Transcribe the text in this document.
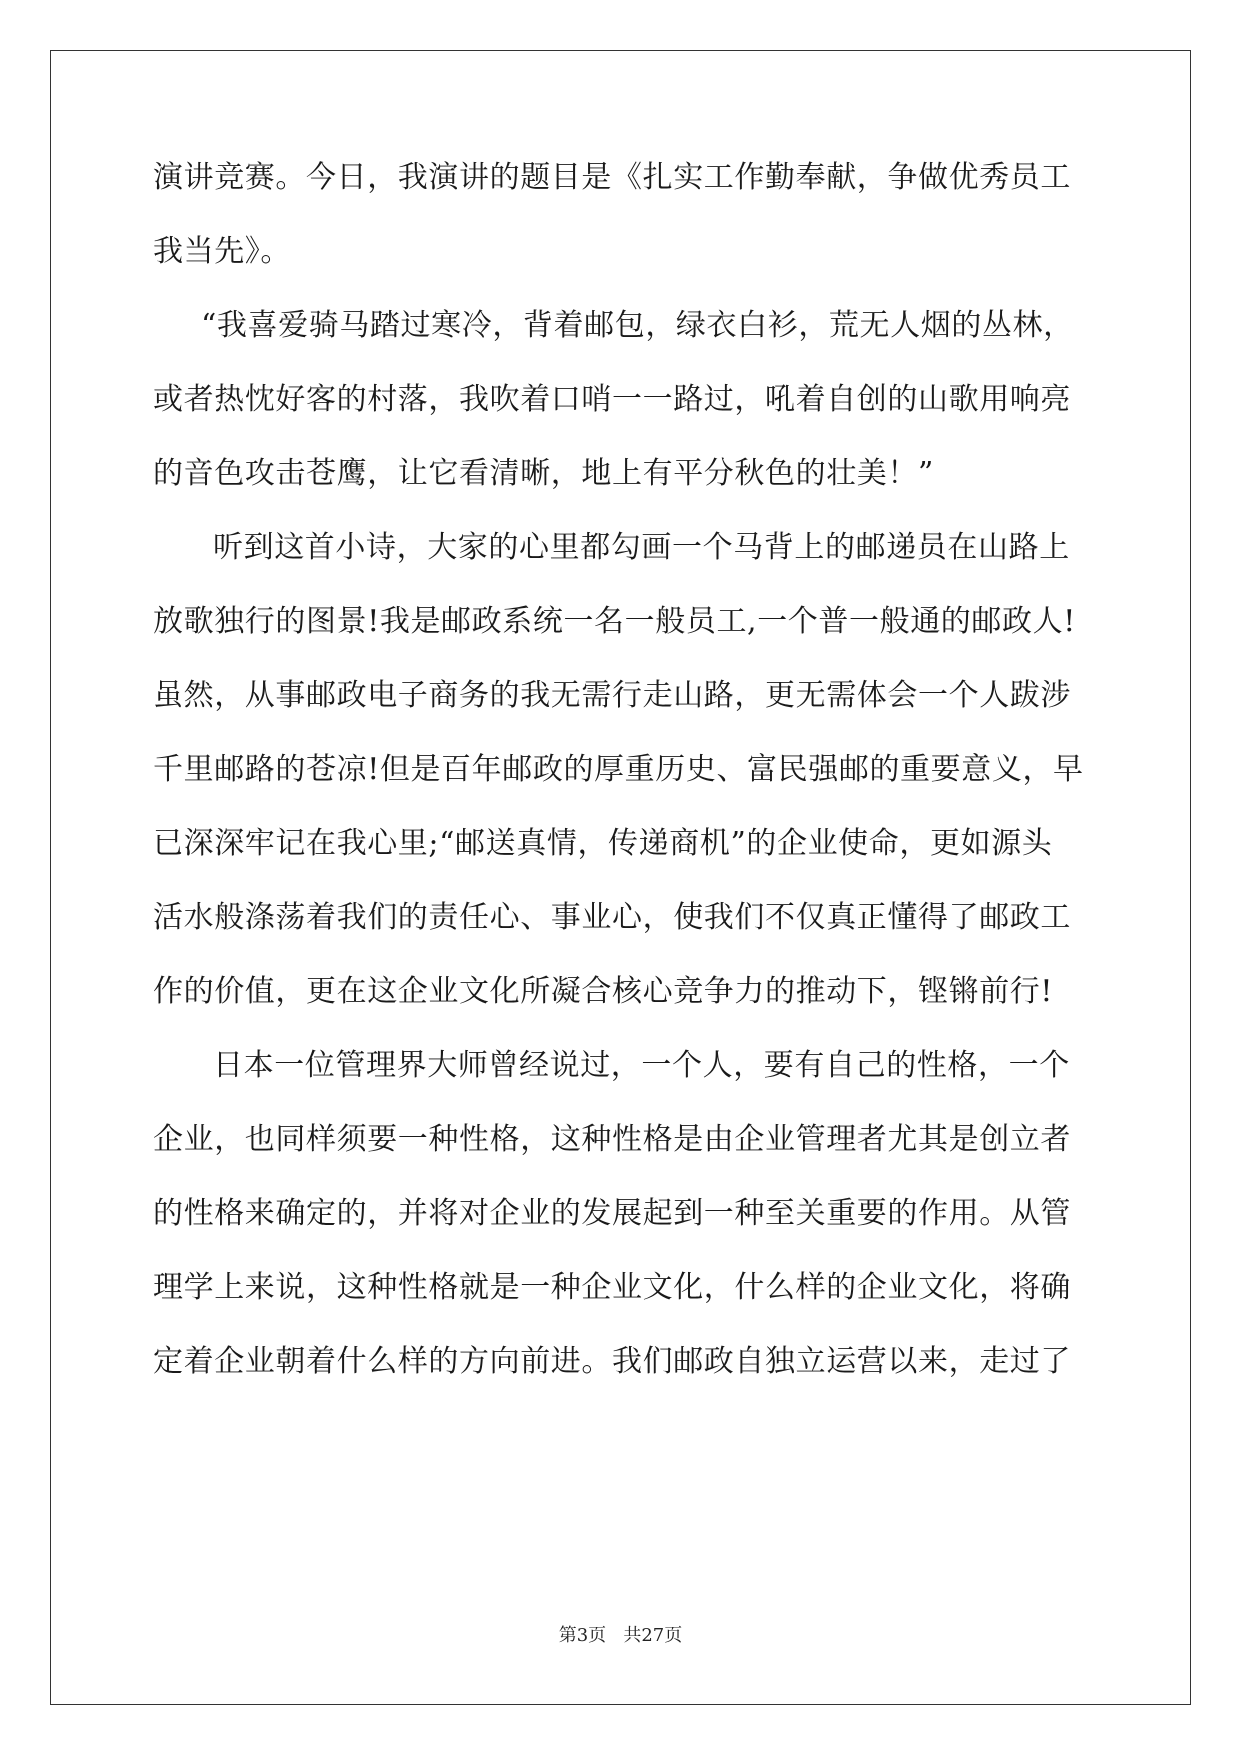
演讲竞赛。今日，我演讲的题目是《扎实工作勤奉献，争做优秀员工
我当先》。
“我喜爱骑马踏过寒冷，背着邮包，绿衣白衫，荒无人烟的丛林，
或者热忱好客的村落，我吹着口哨一一路过，吼着自创的山歌用响亮
的音色攻击苍鹰，让它看清晰，地上有平分秋色的壮美！”
听到这首小诗，大家的心里都勾画一个马背上的邮递员在山路上
放歌独行的图景!我是邮政系统一名一般员工,一个普一般通的邮政人!
虽然，从事邮政电子商务的我无需行走山路，更无需体会一个人跋涉
千里邮路的苍凉!但是百年邮政的厚重历史、富民强邮的重要意义，早
已深深牢记在我心里;“邮送真情，传递商机”的企业使命，更如源头
活水般涤荡着我们的责任心、事业心，使我们不仅真正懂得了邮政工
作的价值，更在这企业文化所凝合核心竞争力的推动下，铿锵前行!
日本一位管理界大师曾经说过，一个人，要有自己的性格，一个
企业，也同样须要一种性格，这种性格是由企业管理者尤其是创立者
的性格来确定的，并将对企业的发展起到一种至关重要的作用。从管
理学上来说，这种性格就是一种企业文化，什么样的企业文化，将确
定着企业朝着什么样的方向前进。我们邮政自独立运营以来，走过了
第3页   共27页
